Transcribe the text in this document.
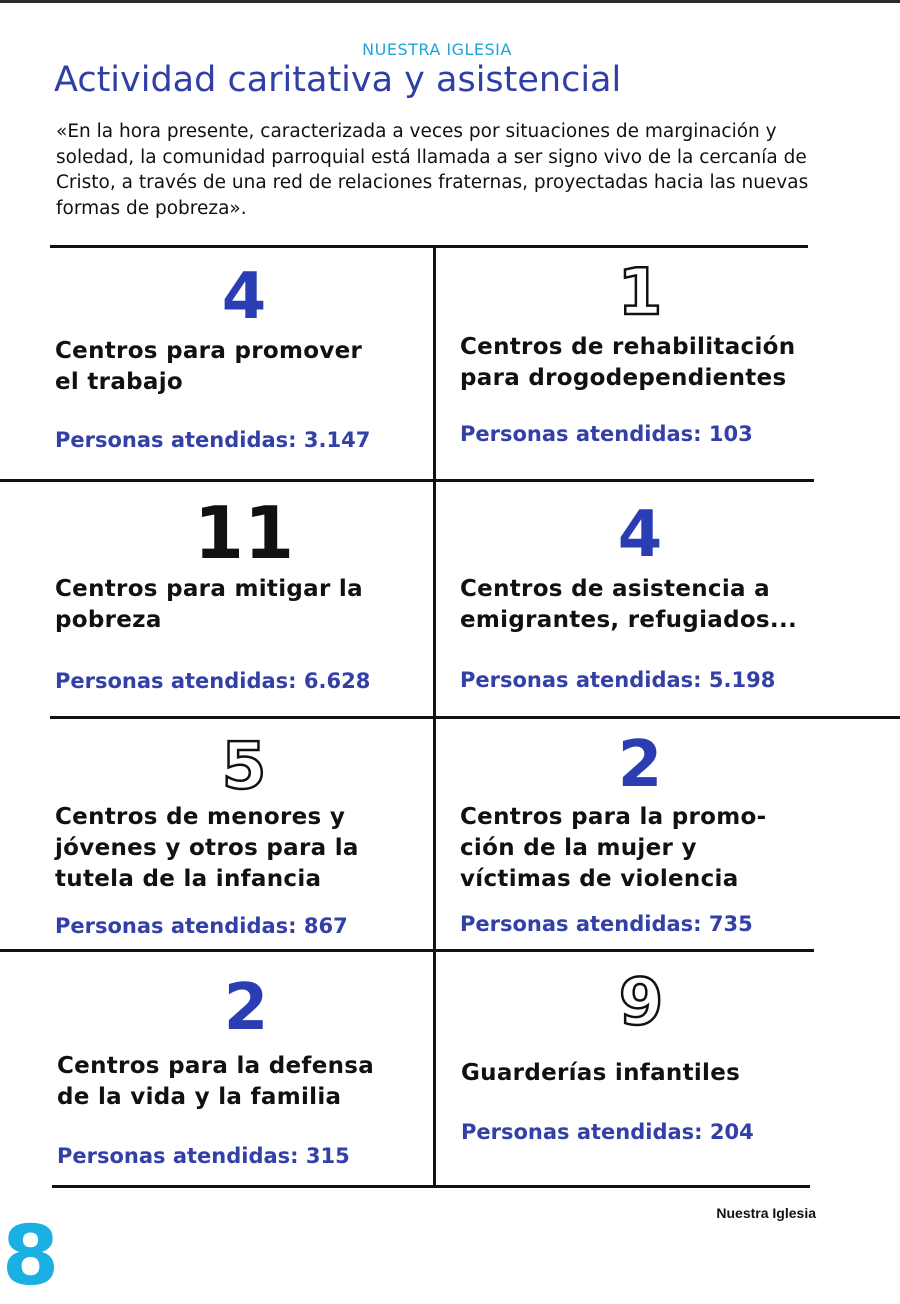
NUESTRA IGLESIA
Actividad caritativa y asistencial

«En la hora presente, caracterizada a veces por situaciones de marginación y soledad, la comunidad parroquial está llamada a ser signo vivo de la cercanía de Cristo, a través de una red de relaciones fraternas, proyectadas hacia las nuevas formas de pobreza».

4
Centros para promover
el trabajo
Personas atendidas: 3.147
1
Centros de rehabilitación
para drogodependientes
Personas atendidas: 103
11
Centros para mitigar la
pobreza
Personas atendidas: 6.628
4
Centros de asistencia a
emigrantes, refugiados...
Personas atendidas: 5.198
5
Centros de menores y
jóvenes y otros para la
tutela de la infancia
Personas atendidas: 867
2
Centros para la promo-
ción de la mujer y
víctimas de violencia
Personas atendidas: 735
2
Centros para la defensa
de la vida y la familia
Personas atendidas: 315
9
Guarderías infantiles
Personas atendidas: 204
Nuestra Iglesia
8
